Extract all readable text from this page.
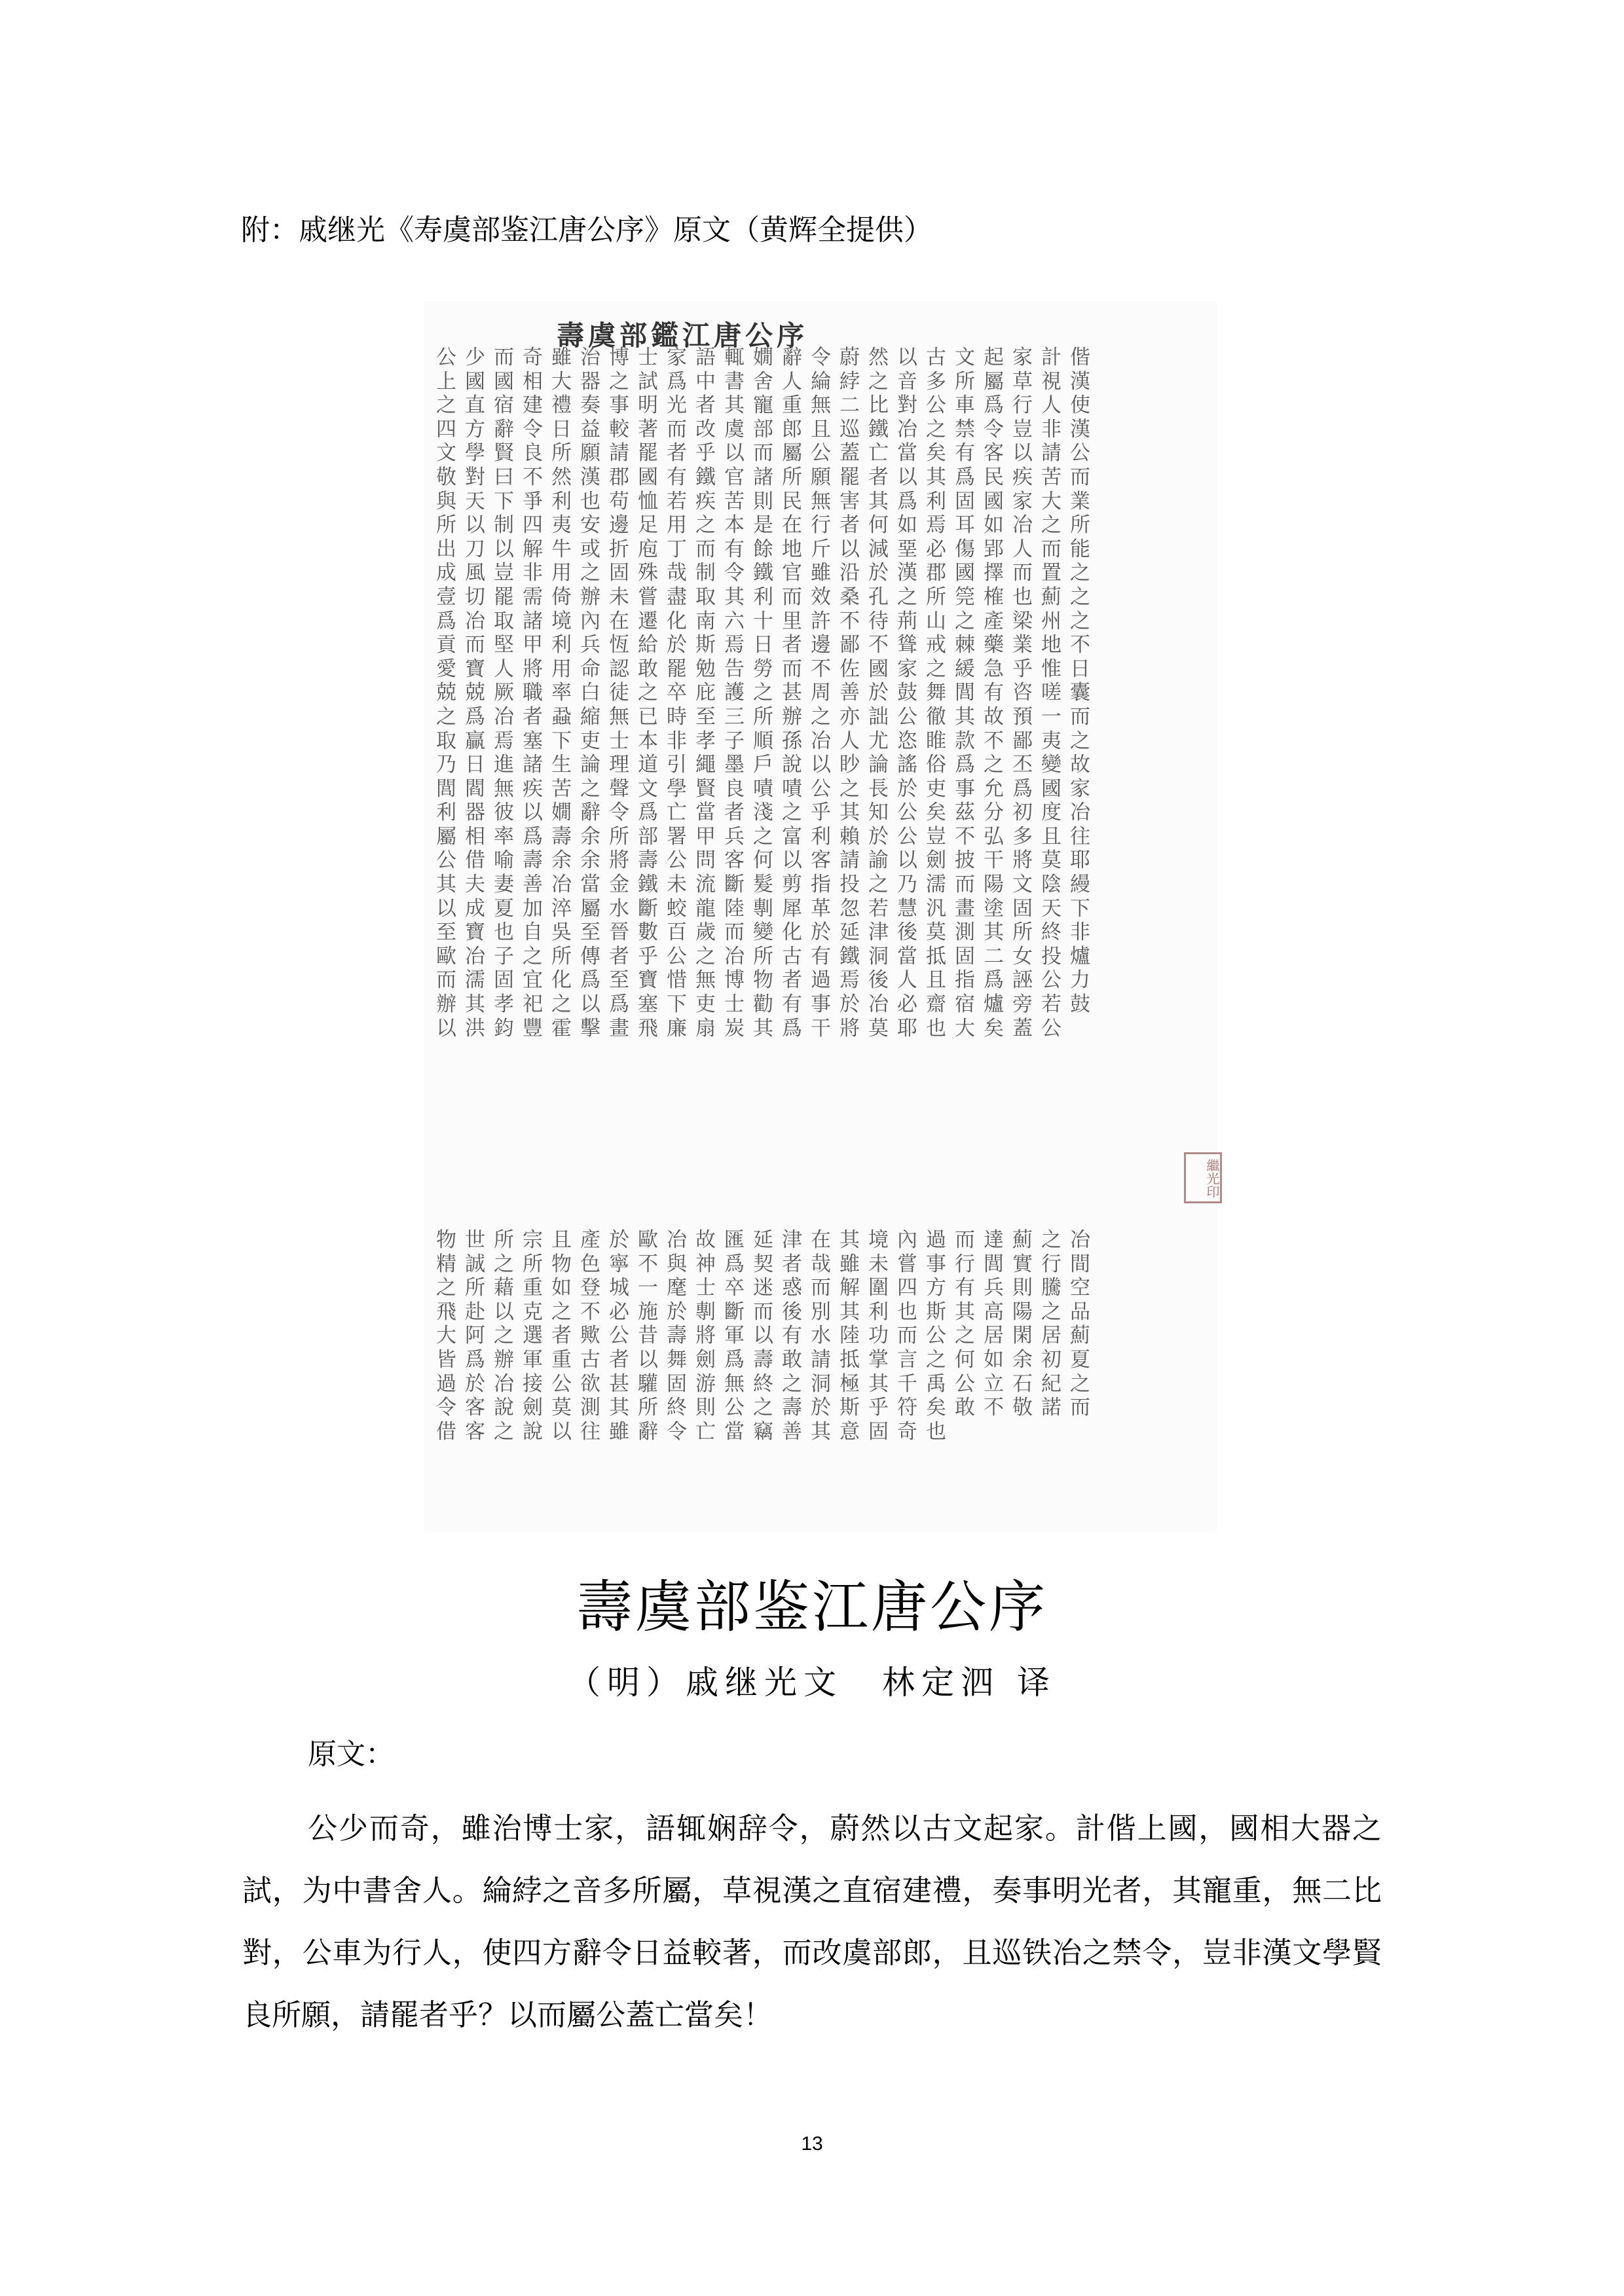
附：戚继光《寿虞部鉴江唐公序》原文（黄辉全提供）
壽虞部鑑江唐公序
公少而奇雖治博士家語輒嫺辭令蔚然以古文起家計偕
上國國相大器之試爲中書舍人綸綍之音多所屬草視漢
之直宿建禮奏事明光者其寵重無二比對公車爲行人使
四方辭令日益較著而改虞部郎且巡鐵冶之禁令豈非漢
文學賢良所願請罷者乎以而屬公蓋亡當矣有客以請公
敬對曰不然漢郡國有鐵官諸所願罷者以其爲民疾苦而
與天下爭利也苟恤若疾苦則民無害其爲利固國家大業
所以制四夷安邊足用之本是在行者何如焉耳如冶之所
出刀以解牛或折庖丁而有餘地斤以減堊必傷郢人而能
成風豈非用之固殊哉制令鐵官雖沿於漢郡國擇而置之
壹切罷需倚辦未嘗盡取其利而效桑孔之所筦榷也薊之
爲冶取諸境內在遷化南六十里許不待荊山之產梁州之
貢而堅甲利兵恆給於斯焉日者邊鄙不聳戒棘藥業地不
愛寶人將用命認敢罷勉告勞而不佐國家之緩急乎惟日
兢兢厥職率白徒之卒庇護之甚周善於鼓舞閭有咨嗟囊
之爲冶者蝨縮無已時至三所辦之亦詘公徹其故預一而
取贏焉塞下吏士本非孝子順孫冶人尤恣睢款不鄙夷之
乃日進諸生論理道引繩墨戶說以眇論謠俗爲之丕變故
閭閻無疾苦之聲文學賢良嘖嘖公之長於吏事允爲國家
利器彼以嫺辭令爲亡當者淺之乎其知公矣茲分初度冶
屬相率爲壽余所部署甲兵之富利賴於公豈不弘多且往
公借喻壽余余將壽公問客何以客請諭以劍披干將莫耶
其夫妻善冶當金鐵未流斷髮剪指投之乃濡而陽文陰縵
以成夏加淬屬水斷蛟龍陸剸犀革忽若慧汎畫塗固天下
至寶也自吳至晉數百歲而變化於延津後莫測其所終非
歐冶子之所傳者乎公之冶所古有鐵洞當抵固二女投爐
而濡固宜化爲至寶惜無博物者過焉後人且指爲誣公力
辦其孝祀之以爲塞下吏士勸有事於冶必齋宿爐旁若鼓
以洪鈞豐霍擊畫飛廉扇炭其爲干將莫耶也大矣蓋公
物世所宗且產於歐冶故匯延津在其境內過而達薊之冶
精誠之所物色寧不與神爲契者哉雖未嘗事行閭實行間
之所藉重如登城一麾士卒迷惑而解圍四方有兵則騰空
飛赴以克之不必施於剸斷而後別其利也斯其高陽之品
大阿之選者歟公昔壽將軍以有水陸功而公之居閑居薊
皆爲辦軍重古者以舞劍爲壽敢請抵掌言之何如余初夏
過於冶接公欲甚驩固游無終之洞極其千禹公立石紀之
令客說劍莫測其所終則公之壽於斯乎符矣敢不敬諾而
借客之說以往雖辭令亡當竊善其意固奇也
繼光印
壽虞部鉴江唐公序
（明）戚继光文　林定泗 译
原文：

公少而奇，雖治博士家，語辄娴辞令，蔚然以古文起家。計偕上國，國相大器之試，为中書舍人。綸綍之音多所屬，草視漢之直宿建禮，奏事明光者，其寵重，無二比對，公車为行人，使四方辭令日益較著，而改虞部郎，且巡铁冶之禁令，豈非漢文學賢良所願，請罷者乎？以而屬公蓋亡當矣！

13
